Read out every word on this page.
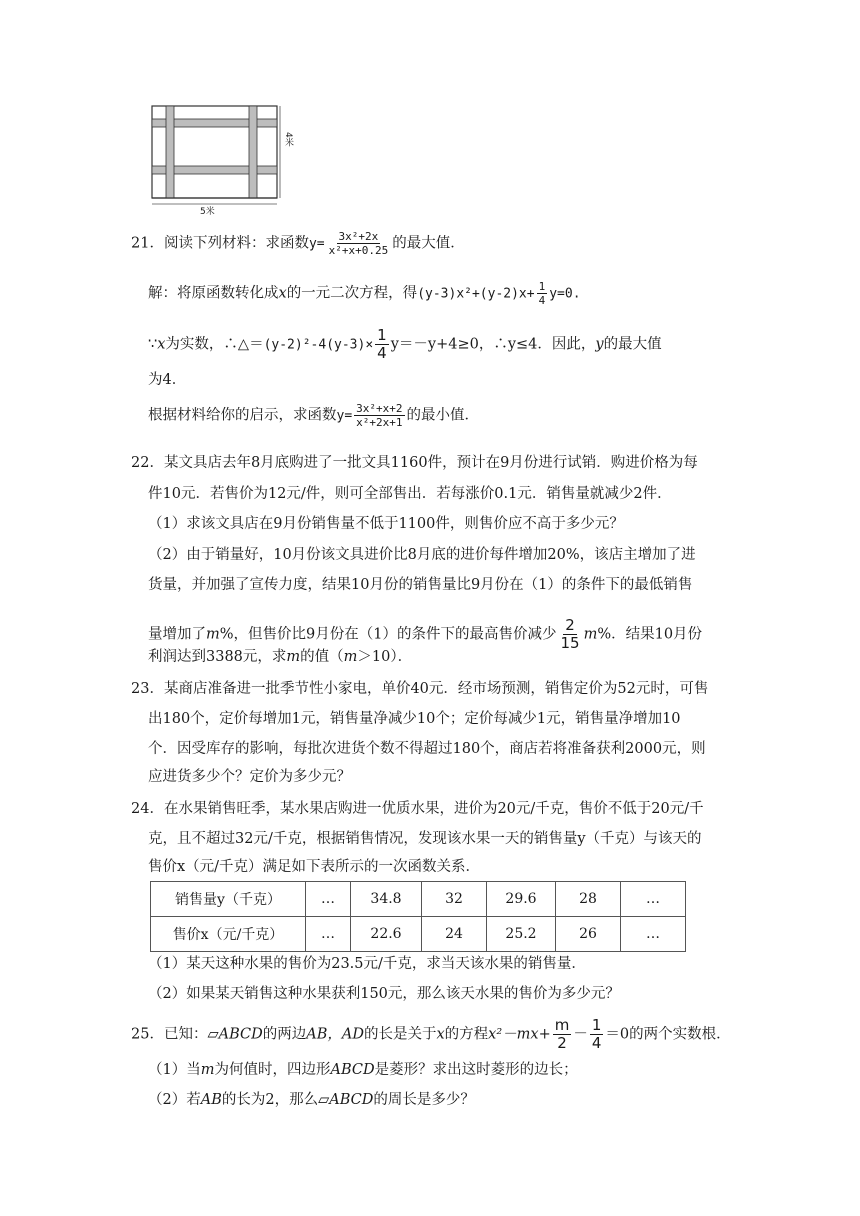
4米
5米
21．阅读下列材料：求函数$y= \frac{\text{3x²+2x}}{\text{x²+x+0.25}}$ 的最大值．
解：将原函数转化成x的一元二次方程，得$(y-3)x^2+(y-2)x+ \frac{1}{4} y=0$.
∵x为实数，∴△＝(y-2)²-4(y-3)× $\frac{1}{4} y=-y+4\ge 0$，∴y≤4．因此，y的最大值
为4．
根据材料给你的启示，求函数$y= \frac{\text{3x²+x+2}}{\text{x²+2x+1}}$ 的最小值．
22．某文具店去年8月底购进了一批文具1160件，预计在9月份进行试销．购进价格为每
件10元．若售价为12元/件，则可全部售出．若每涨价0.1元．销售量就减少2件．
（1）求该文具店在9月份销售量不低于1100件，则售价应不高于多少元？
（2）由于销量好，10月份该文具进价比8月底的进价每件增加20%，该店主增加了进
货量，并加强了宣传力度，结果10月份的销售量比9月份在（1）的条件下的最低销售
量增加了m%，但售价比9月份在（1）的条件下的最高售价减少 $\frac{2}{15} m\%$．结果10月份
利润达到3388元，求m的值（m＞10）．
23．某商店准备进一批季节性小家电，单价40元．经市场预测，销售定价为52元时，可售
出180个，定价每增加1元，销售量净减少10个；定价每减少1元，销售量净增加10
个．因受库存的影响，每批次进货个数不得超过180个，商店若将准备获利2000元，则
应进货多少个？定价为多少元？
24．在水果销售旺季，某水果店购进一优质水果，进价为20元/千克，售价不低于20元/千
克，且不超过32元/千克，根据销售情况，发现该水果一天的销售量y（千克）与该天的
售价x（元/千克）满足如下表所示的一次函数关系．
销售量y（千克）	…	34.8	32	29.6	28	…
售价x（元/千克）	…	22.6	24	25.2	26	…
（1）某天这种水果的售价为23.5元/千克，求当天该水果的销售量．
（2）如果某天销售这种水果获利150元，那么该天水果的售价为多少元？
25．已知：▱ABCD的两边AB，AD的长是关于x的方程$x^2-mx+ \frac{m}{2} - \frac{1}{4} =0$的两个实数根．
（1）当m为何值时，四边形ABCD是菱形？求出这时菱形的边长；
（2）若AB的长为2，那么▱ABCD的周长是多少？
